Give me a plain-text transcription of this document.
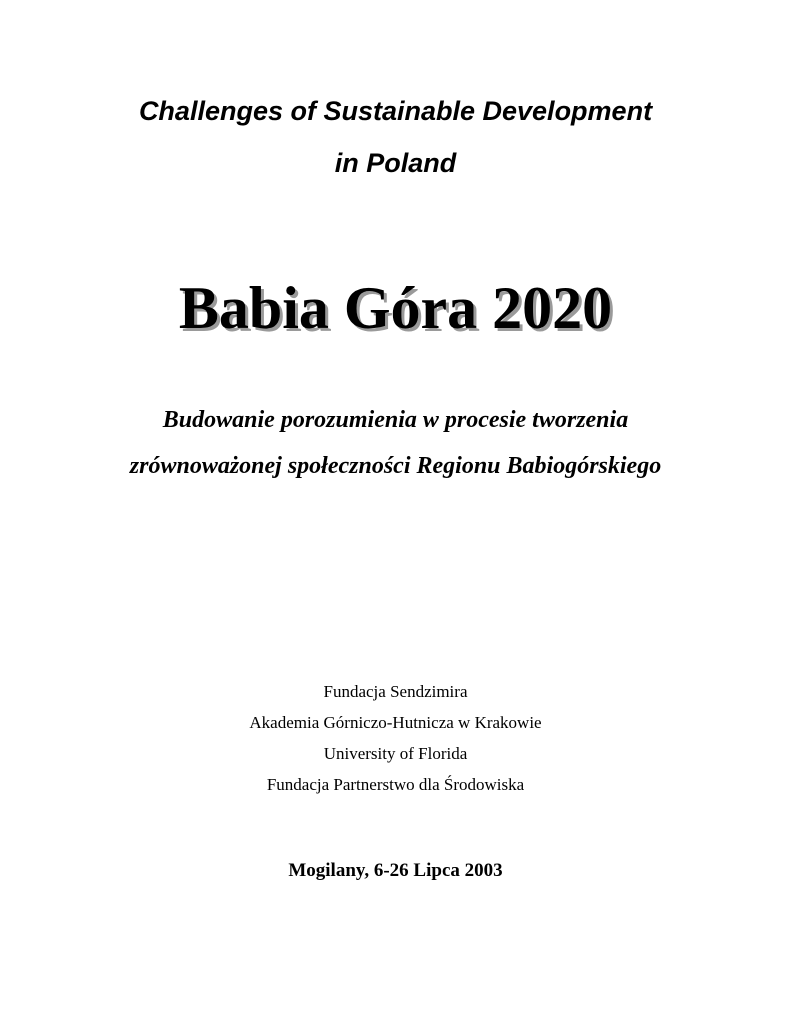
Challenges of Sustainable Development
in Poland
Babia Góra 2020
Budowanie porozumienia w procesie tworzenia
zrównoważonej społeczności Regionu Babiogórskiego
Fundacja Sendzimira
Akademia Górniczo-Hutnicza w Krakowie
University of Florida
Fundacja Partnerstwo dla Środowiska
Mogilany, 6-26 Lipca 2003
